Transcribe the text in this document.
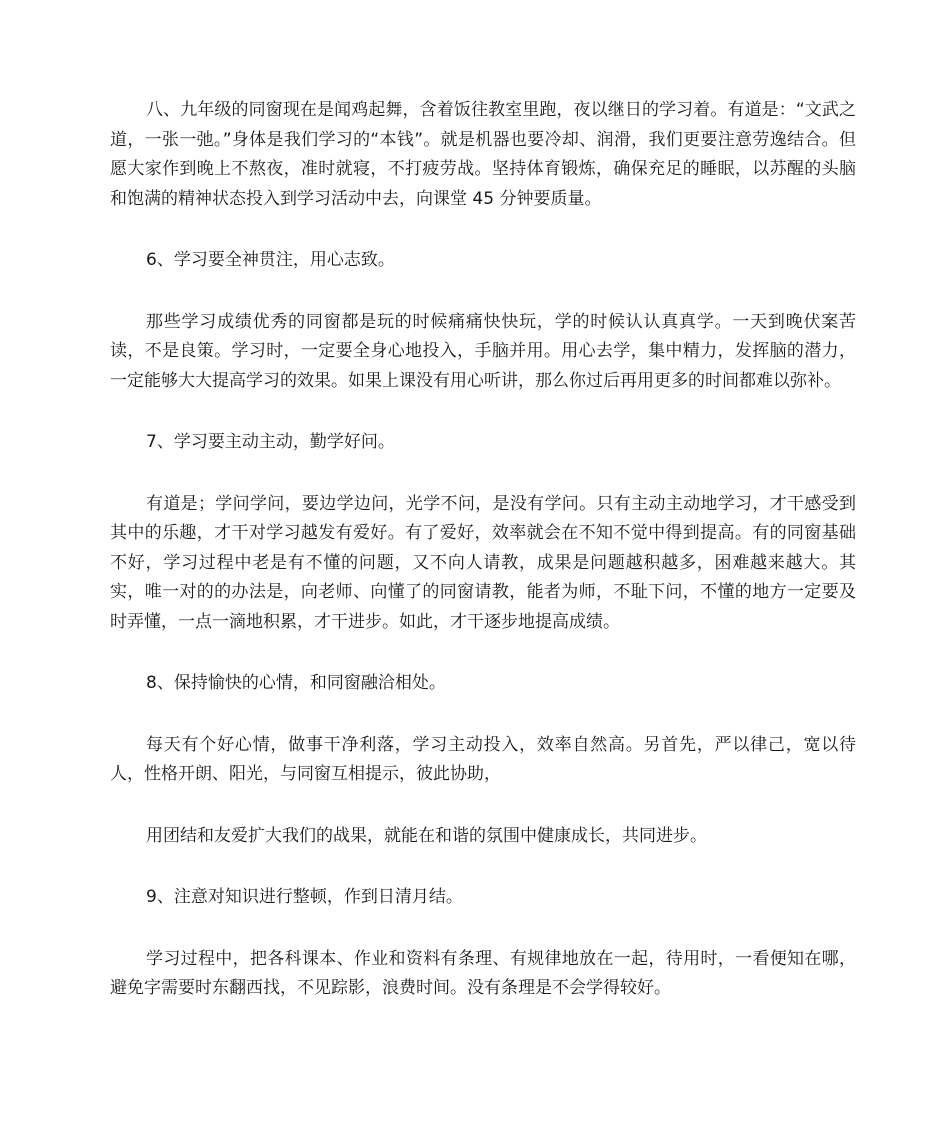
八、九年级的同窗现在是闻鸡起舞，含着饭往教室里跑，夜以继日的学习着。有道是：“文武之道，一张一弛。”身体是我们学习的“本钱”。就是机器也要冷却、润滑，我们更要注意劳逸结合。但愿大家作到晚上不熬夜，准时就寝，不打疲劳战。坚持体育锻炼，确保充足的睡眠，以苏醒的头脑和饱满的精神状态投入到学习活动中去，向课堂 45 分钟要质量。

6、学习要全神贯注，用心志致。

那些学习成绩优秀的同窗都是玩的时候痛痛快快玩，学的时候认认真真学。一天到晚伏案苦读，不是良策。学习时，一定要全身心地投入，手脑并用。用心去学，集中精力，发挥脑的潜力，一定能够大大提高学习的效果。如果上课没有用心听讲，那么你过后再用更多的时间都难以弥补。

7、学习要主动主动，勤学好问。

有道是；学问学问，要边学边问，光学不问，是没有学问。只有主动主动地学习，才干感受到其中的乐趣，才干对学习越发有爱好。有了爱好，效率就会在不知不觉中得到提高。有的同窗基础不好，学习过程中老是有不懂的问题，又不向人请教，成果是问题越积越多，困难越来越大。其实，唯一对的的办法是，向老师、向懂了的同窗请教，能者为师，不耻下问，不懂的地方一定要及时弄懂，一点一滴地积累，才干进步。如此，才干逐步地提高成绩。

8、保持愉快的心情，和同窗融洽相处。

每天有个好心情，做事干净利落，学习主动投入，效率自然高。另首先，严以律己，宽以待人，性格开朗、阳光，与同窗互相提示，彼此协助，

用团结和友爱扩大我们的战果，就能在和谐的氛围中健康成长，共同进步。

9、注意对知识进行整顿，作到日清月结。

学习过程中，把各科课本、作业和资料有条理、有规律地放在一起，待用时，一看便知在哪，避免字需要时东翻西找，不见踪影，浪费时间。没有条理是不会学得较好。
